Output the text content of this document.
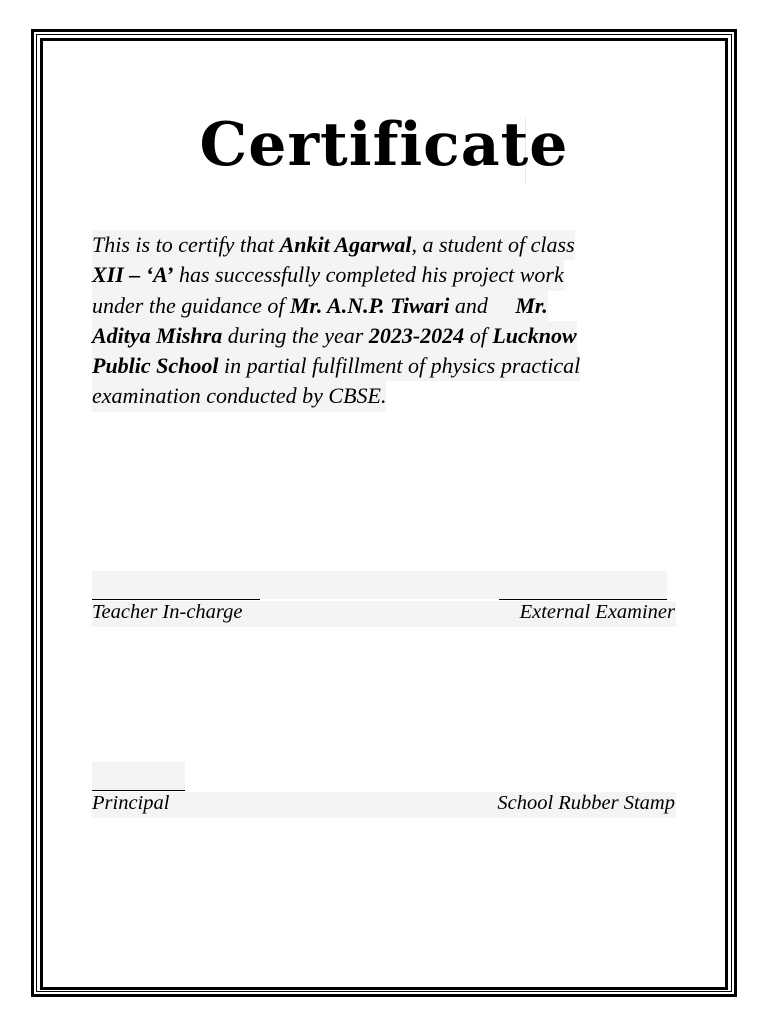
Certificate
This is to certify that Ankit Agarwal, a student of class
XII – ‘A’ has successfully completed his project work
under the guidance of Mr. A.N.P. Tiwari and Mr.
Aditya Mishra during the year 2023-2024 of Lucknow
Public School in partial fulfillment of physics practical
examination conducted by CBSE.
Teacher In-charge	External Examiner
Principal	School Rubber Stamp
